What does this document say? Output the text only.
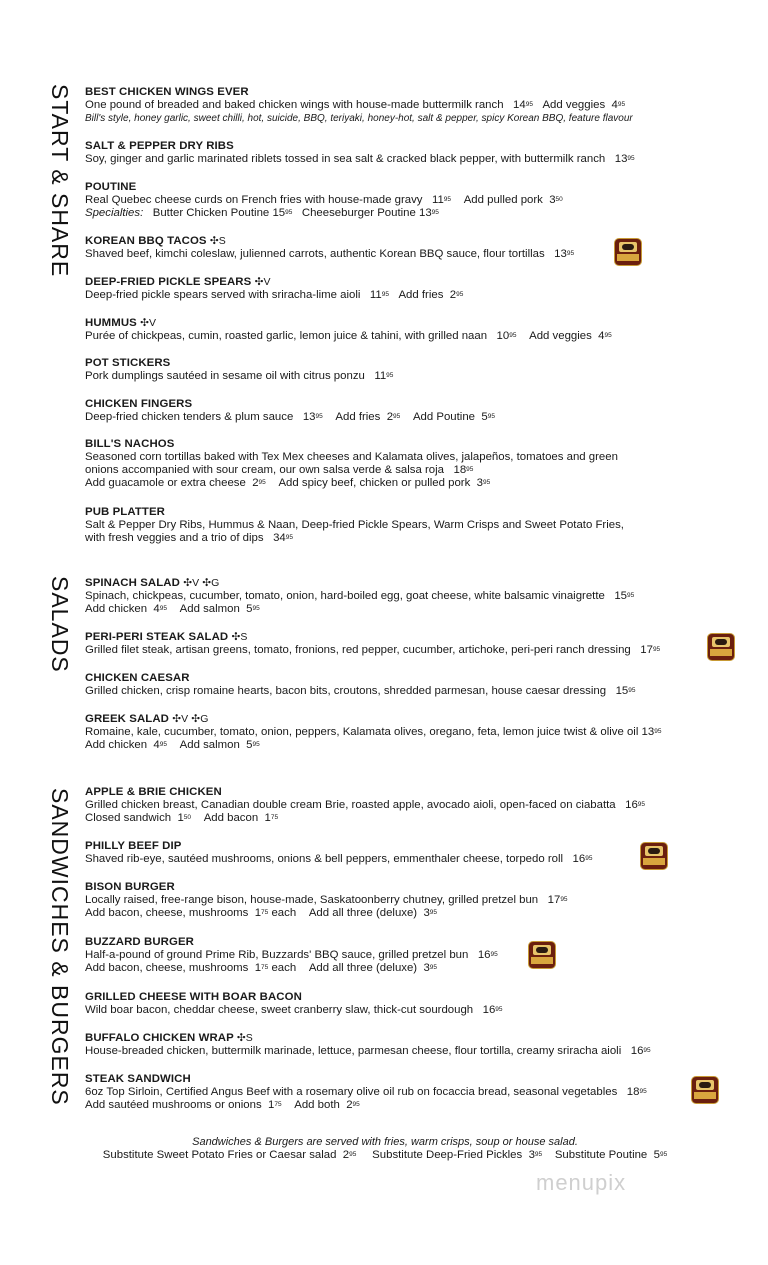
START & SHARE
SALADS
SANDWICHES & BURGERS
BEST CHICKEN WINGS EVER
One pound of breaded and baked chicken wings with house-made buttermilk ranch $14^{95}$ Add veggies $4^{95}$
Bill's style, honey garlic, sweet chilli, hot, suicide, BBQ, teriyaki, honey-hot, salt & pepper, spicy Korean BBQ, feature flavour
SALT & PEPPER DRY RIBS
Soy, ginger and garlic marinated riblets tossed in sea salt & cracked black pepper, with buttermilk ranch $13^{95}$
POUTINE
Real Quebec cheese curds on French fries with house-made gravy $11^{95}$ Add pulled pork $3^{50}$
Specialties: Butter Chicken Poutine $15^{95}$ Cheeseburger Poutine $13^{95}$
KOREAN BBQ TACOS ✣S
Shaved beef, kimchi coleslaw, julienned carrots, authentic Korean BBQ sauce, flour tortillas $13^{95}$
DEEP-FRIED PICKLE SPEARS ✣V
Deep-fried pickle spears served with sriracha-lime aioli $11^{95}$ Add fries $2^{95}$
HUMMUS ✣V
Purée of chickpeas, cumin, roasted garlic, lemon juice & tahini, with grilled naan $10^{95}$ Add veggies $4^{95}$
POT STICKERS
Pork dumplings sautéed in sesame oil with citrus ponzu $11^{95}$
CHICKEN FINGERS
Deep-fried chicken tenders & plum sauce $13^{95}$ Add fries $2^{95}$ Add Poutine $5^{95}$
BILL'S NACHOS
Seasoned corn tortillas baked with Tex Mex cheeses and Kalamata olives, jalapeños, tomatoes and green
onions accompanied with sour cream, our own salsa verde & salsa roja $18^{95}$
Add guacamole or extra cheese $2^{95}$ Add spicy beef, chicken or pulled pork $3^{95}$
PUB PLATTER
Salt & Pepper Dry Ribs, Hummus & Naan, Deep-fried Pickle Spears, Warm Crisps and Sweet Potato Fries,
with fresh veggies and a trio of dips $34^{95}$
SPINACH SALAD ✣V ✣G
Spinach, chickpeas, cucumber, tomato, onion, hard-boiled egg, goat cheese, white balsamic vinaigrette $15^{95}$
Add chicken $4^{95}$ Add salmon $5^{95}$
PERI-PERI STEAK SALAD ✣S
Grilled filet steak, artisan greens, tomato, fronions, red pepper, cucumber, artichoke, peri-peri ranch dressing $17^{95}$
CHICKEN CAESAR
Grilled chicken, crisp romaine hearts, bacon bits, croutons, shredded parmesan, house caesar dressing $15^{95}$
GREEK SALAD ✣V ✣G
Romaine, kale, cucumber, tomato, onion, peppers, Kalamata olives, oregano, feta, lemon juice twist & olive oil $13^{95}$
Add chicken $4^{95}$ Add salmon $5^{95}$
APPLE & BRIE CHICKEN
Grilled chicken breast, Canadian double cream Brie, roasted apple, avocado aioli, open-faced on ciabatta $16^{95}$
Closed sandwich $1^{50}$ Add bacon $1^{75}$
PHILLY BEEF DIP
Shaved rib-eye, sautéed mushrooms, onions & bell peppers, emmenthaler cheese, torpedo roll $16^{95}$
BISON BURGER
Locally raised, free-range bison, house-made, Saskatoonberry chutney, grilled pretzel bun $17^{95}$
Add bacon, cheese, mushrooms $1^{75}$ each Add all three (deluxe) $3^{95}$
BUZZARD BURGER
Half-a-pound of ground Prime Rib, Buzzards' BBQ sauce, grilled pretzel bun $16^{95}$
Add bacon, cheese, mushrooms $1^{75}$ each Add all three (deluxe) $3^{95}$
GRILLED CHEESE WITH BOAR BACON
Wild boar bacon, cheddar cheese, sweet cranberry slaw, thick-cut sourdough $16^{95}$
BUFFALO CHICKEN WRAP ✣S
House-breaded chicken, buttermilk marinade, lettuce, parmesan cheese, flour tortilla, creamy sriracha aioli $16^{95}$
STEAK SANDWICH
6oz Top Sirloin, Certified Angus Beef with a rosemary olive oil rub on focaccia bread, seasonal vegetables $18^{95}$
Add sautéed mushrooms or onions $1^{75}$ Add both $2^{95}$
Sandwiches & Burgers are served with fries, warm crisps, soup or house salad.
Substitute Sweet Potato Fries or Caesar salad $2^{95}$ Substitute Deep-Fried Pickles $3^{95}$ Substitute Poutine $5^{95}$
menupix
